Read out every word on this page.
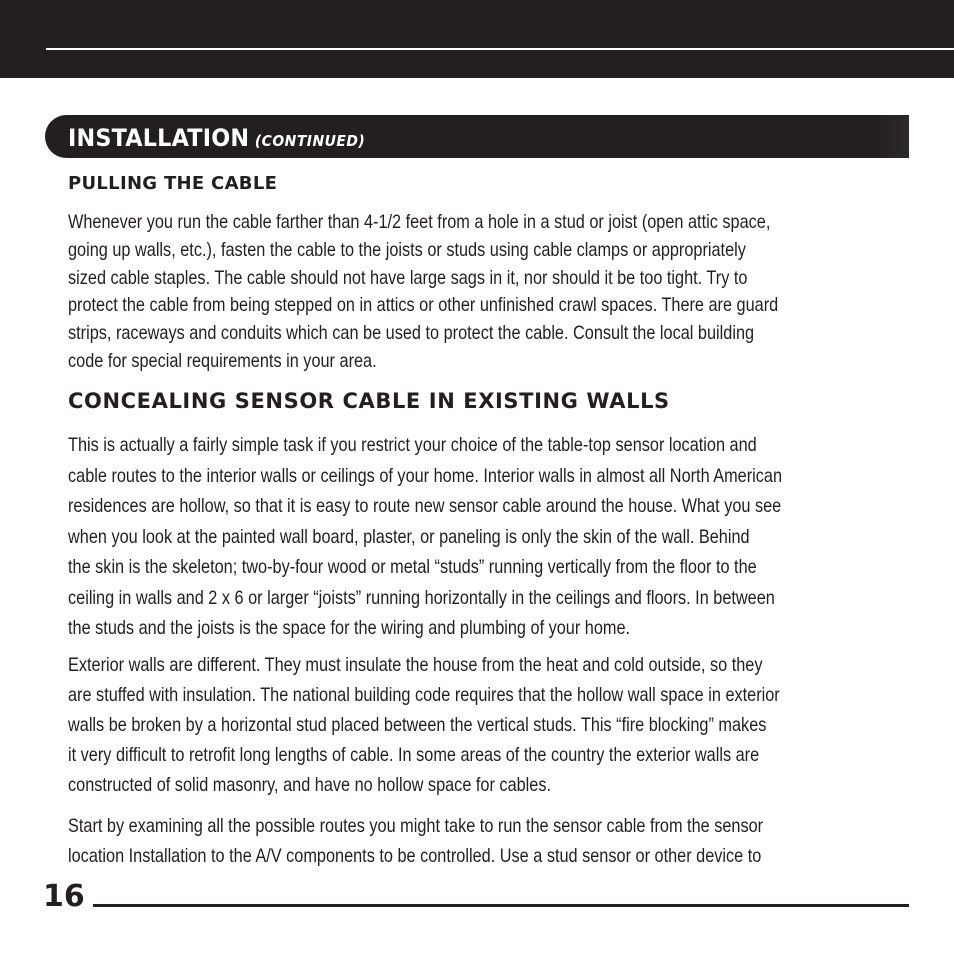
INSTALLATION (CONTINUED)
PULLING THE CABLE
Whenever you run the cable farther than 4-1/2 feet from a hole in a stud or joist (open attic space,
going up walls, etc.), fasten the cable to the joists or studs using cable clamps or appropriately
sized cable staples. The cable should not have large sags in it, nor should it be too tight. Try to
protect the cable from being stepped on in attics or other unfinished crawl spaces. There are guard
strips, raceways and conduits which can be used to protect the cable. Consult the local building
code for special requirements in your area.
CONCEALING SENSOR CABLE IN EXISTING WALLS
This is actually a fairly simple task if you restrict your choice of the table-top sensor location and
cable routes to the interior walls or ceilings of your home. Interior walls in almost all North American
residences are hollow, so that it is easy to route new sensor cable around the house. What you see
when you look at the painted wall board, plaster, or paneling is only the skin of the wall. Behind
the skin is the skeleton; two-by-four wood or metal “studs” running vertically from the floor to the
ceiling in walls and 2 x 6 or larger “joists” running horizontally in the ceilings and floors. In between
the studs and the joists is the space for the wiring and plumbing of your home.
Exterior walls are different. They must insulate the house from the heat and cold outside, so they
are stuffed with insulation. The national building code requires that the hollow wall space in exterior
walls be broken by a horizontal stud placed between the vertical studs. This “fire blocking” makes
it very difficult to retrofit long lengths of cable. In some areas of the country the exterior walls are
constructed of solid masonry, and have no hollow space for cables.
Start by examining all the possible routes you might take to run the sensor cable from the sensor
location Installation to the A/V components to be controlled. Use a stud sensor or other device to
16
